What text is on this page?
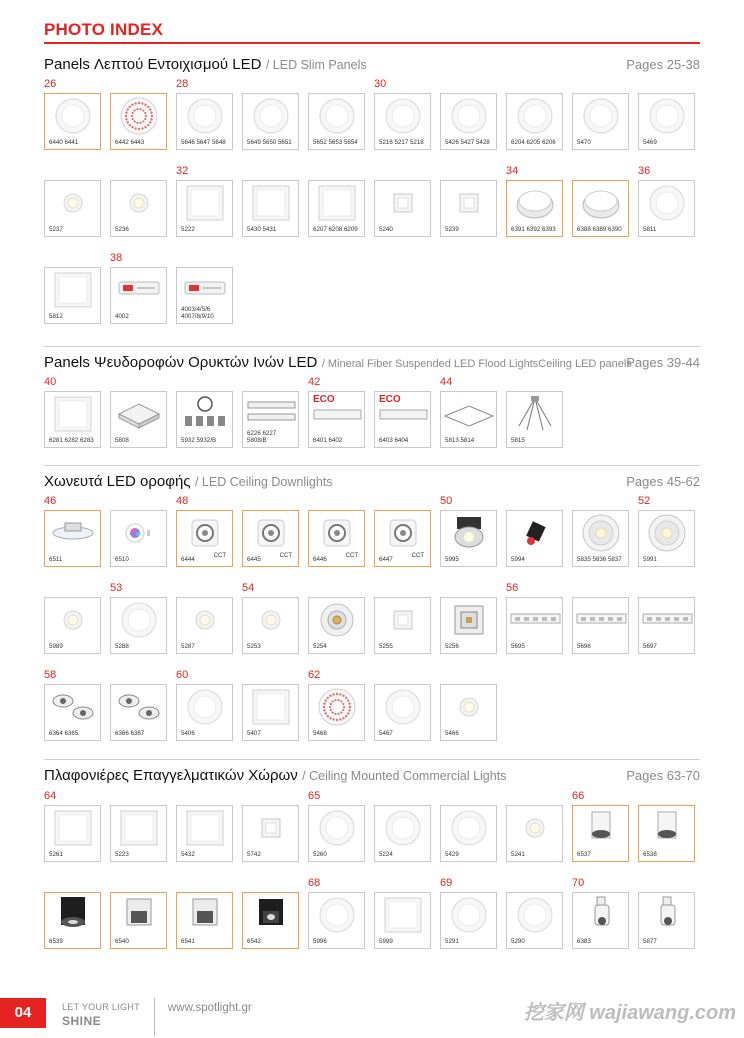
PHOTO INDEX
Panels Λεπτού Εντοιχισμού LED / LED Slim Panels	Pages 25-38
Panels Ψευδοροφών Ορυκτών Ινών LED / Mineral Fiber Suspended LED Flood LightsCeiling LED panels
Pages 39-44
Χωνευτά LED οροφής / LED Ceiling Downlights	Pages 45-62
Πλαφονιέρες Επαγγελματικών Χώρων / Ceiling Mounted Commercial Lights	Pages 63-70
26	28	30
32	34	36
38
40	42	44
46	48	50	52
53	54	56
58	60	62
64	65	66
68	69	70
6440 6441	6442 6443	5646 5647 5648	5649 5650 5651	5652 5653 5654	5216 5217 5218	5426 5427 5428	6204 6205 6206	5470	5469
5237	5236	5222	5430 5431	6207 6208 6209	5240	5239	6391 6392 6393	6388 6389 6390	5811
5812	4002
4003/4/5/6
4007/8/9/10
6281 6282 6283	5808	5932 5932/B
6226 6227
5808/B
ECO
6401 6402
ECO
6403 6404	5813 5814	5815
6511	6510	6444	CCT	6445	CCT	6446	CCT	6447	CCT	5995	5994	5835 5836 5837	5991
5989	5288	5287	5253	5254	5255	5256	5695	5696	5697
6364 6365	6366 6367	5406	5407	5468	5467	5466
5261	5223	5432	5742	5260	5224	5429	5241	6537	6538
6539	6540	6541	6542	5996	5999	5291	5290	6383	5877
04	LET YOUR LIGHT
SHINE
www.spotlight.gr	挖家网 wajiawang.com
